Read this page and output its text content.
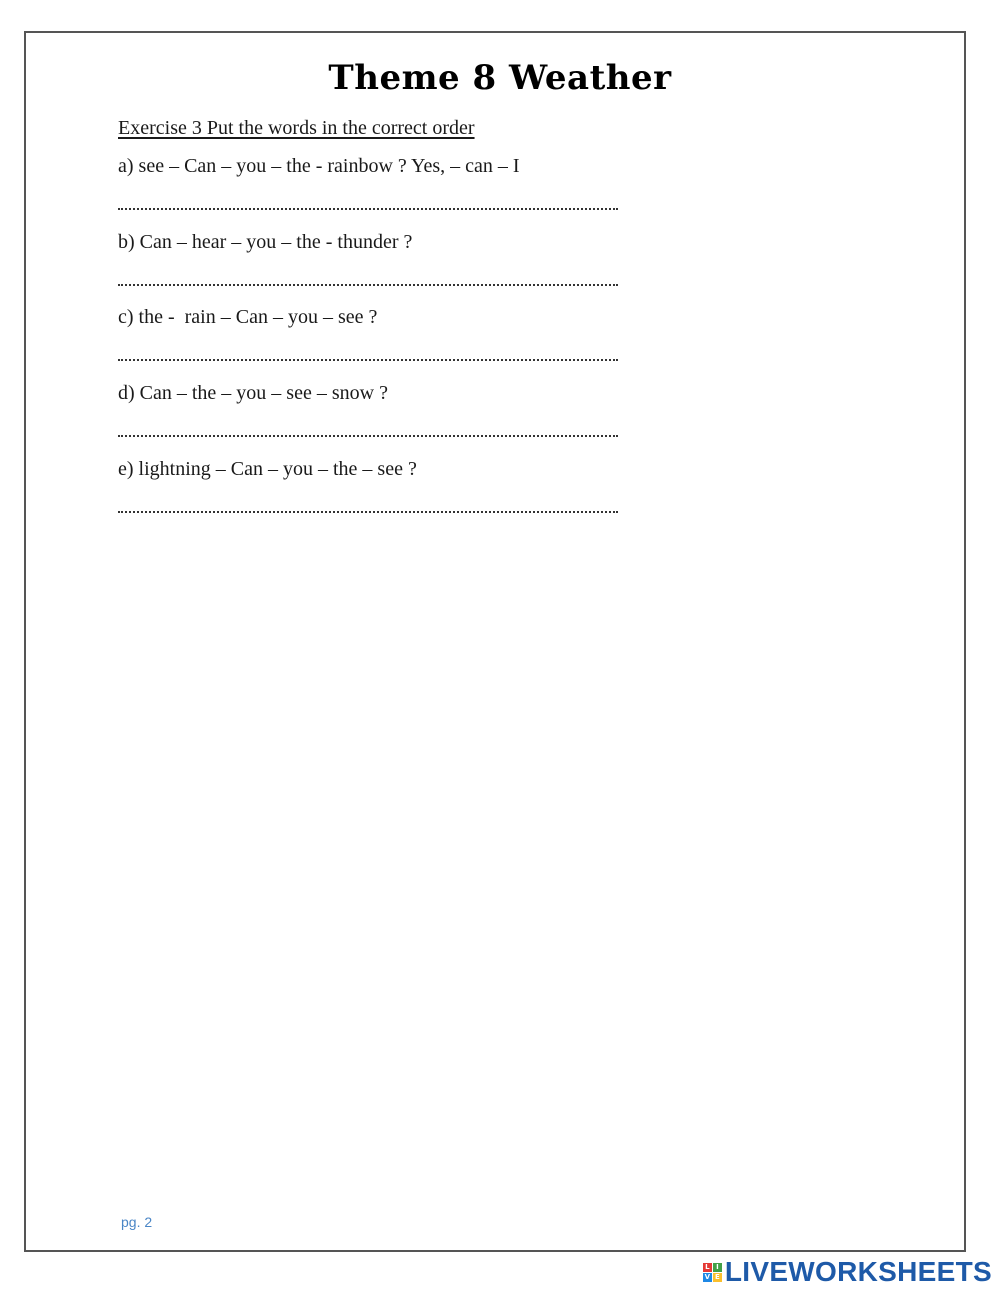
Theme 8 Weather
Exercise 3 Put the words in the correct order
a) see – Can – you – the - rainbow ? Yes, – can – I
b) Can – hear – you – the - thunder ?
c) the -  rain – Can – you – see ?
d) Can – the – you – see – snow ?
e) lightning – Can – you – the – see ?
pg. 2
L I
V E LIVEWORKSHEETS
